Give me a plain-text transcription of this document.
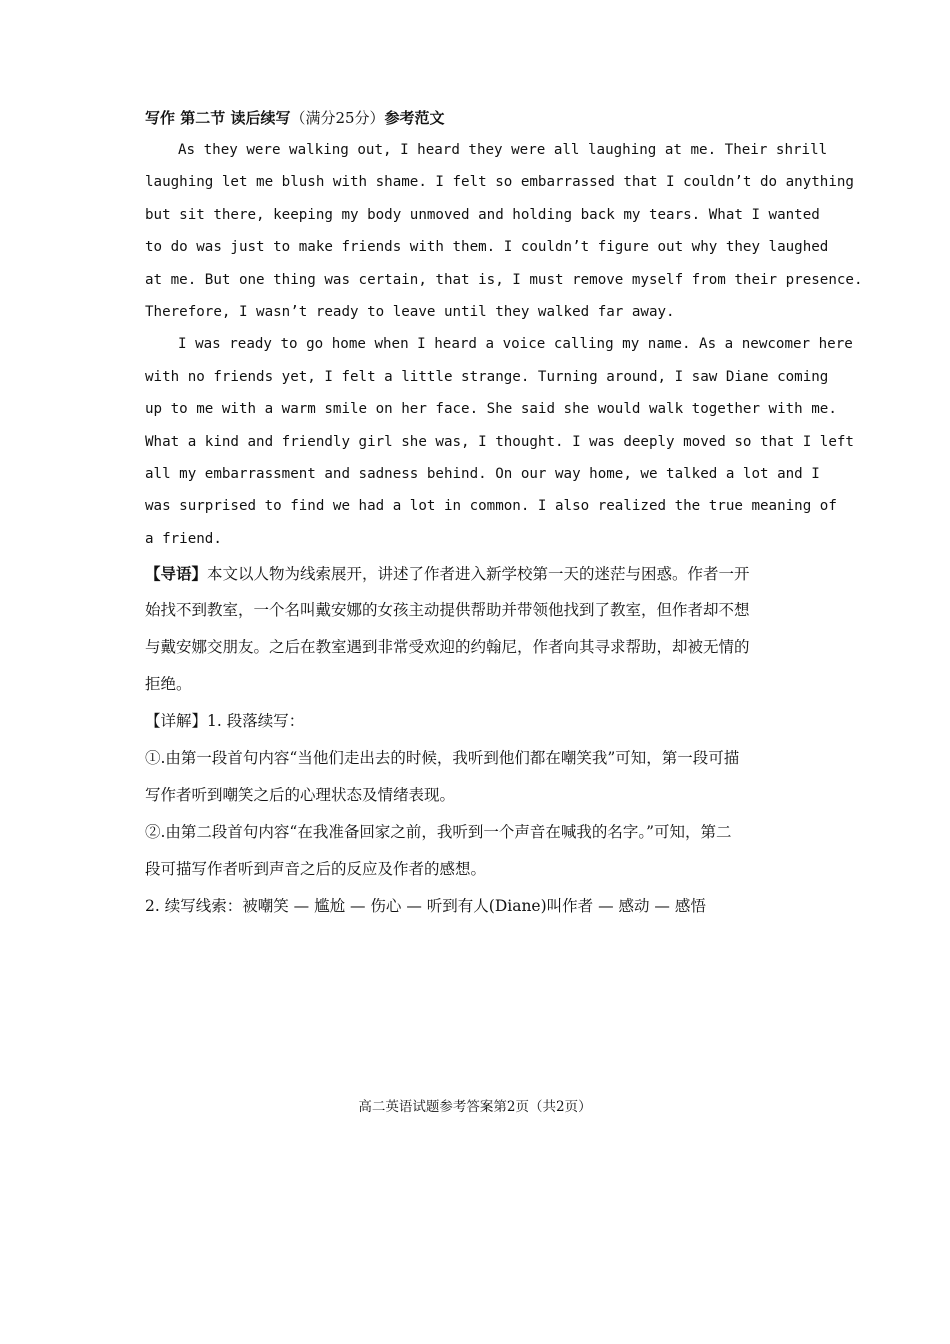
写作 第二节 读后续写（满分25分）参考范文
As they were walking out, I heard they were all laughing at me. Their shrill
laughing let me blush with shame. I felt so embarrassed that I couldn’t do anything
but sit there, keeping my body unmoved and holding back my tears. What I wanted
to do was just to make friends with them. I couldn’t figure out why they laughed
at me. But one thing was certain, that is, I must remove myself from their presence.
Therefore, I wasn’t ready to leave until they walked far away.
I was ready to go home when I heard a voice calling my name. As a newcomer here
with no friends yet, I felt a little strange. Turning around, I saw Diane coming
up to me with a warm smile on her face. She said she would walk together with me.
What a kind and friendly girl she was, I thought. I was deeply moved so that I left
all my embarrassment and sadness behind. On our way home, we talked a lot and I
was surprised to find we had a lot in common. I also realized the true meaning of
a friend.
【导语】本文以人物为线索展开，讲述了作者进入新学校第一天的迷茫与困惑。作者一开
始找不到教室，一个名叫戴安娜的女孩主动提供帮助并带领他找到了教室，但作者却不想
与戴安娜交朋友。之后在教室遇到非常受欢迎的约翰尼，作者向其寻求帮助，却被无情的
拒绝。
【详解】1. 段落续写：
①.由第一段首句内容“当他们走出去的时候，我听到他们都在嘲笑我”可知，第一段可描
写作者听到嘲笑之后的心理状态及情绪表现。
②.由第二段首句内容“在我准备回家之前，我听到一个声音在喊我的名字。”可知，第二
段可描写作者听到声音之后的反应及作者的感想。
2. 续写线索：被嘲笑 — 尴尬 — 伤心 — 听到有人(Diane)叫作者 — 感动 — 感悟
高二英语试题参考答案第2页（共2页）
